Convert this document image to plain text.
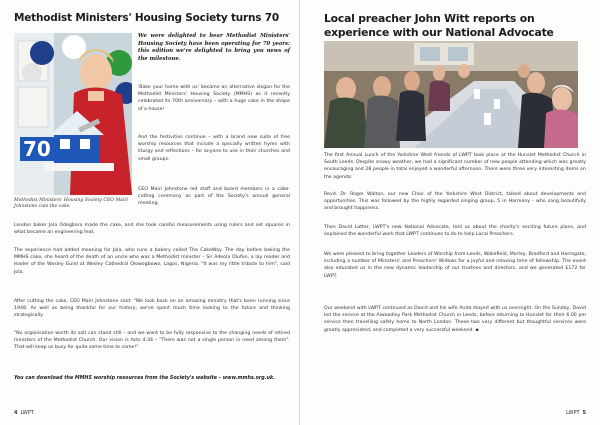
Methodist Ministers' Housing Society turns 70
70
Methodist Ministers' Housing Society CEO Mairi Johnstone cuts the cake
We were delighted to hear Methodist Ministers' Housing Society have been operating for 70 years: this edition we're delighted to bring you news of the milestone.
'Bake your home with us' became an alternative slogan for the Methodist Ministers' Housing Society (MMHS) as it recently celebrated its 70th anniversary – with a huge cake in the shape of a house!
And the festivities continue – with a brand new suite of free worship resources that include a specially written hymn with liturgy and reflections – for anyone to use in their churches and small groups.
CEO Mairi Johnstone led staff and board members in a cake-cutting ceremony as part of the Society's annual general meeting.
London baker Jola Odegbaro made the cake, and she took careful measurements using rulers and set squares in what became an engineering feat.
The experience had added meaning for Jola, who runs a bakery called The CakeWay. The day before baking the MMHS cake, she heard of the death of an uncle who was a Methodist minister – Sir Adeola Olufon, a lay reader and leader of the Wesley Guild at Wesley Cathedral Olowogbowo, Lagos, Nigeria. "It was my little tribute to him", said Jola.
After cutting the cake, CEO Mairi Johnstone said: "We look back on an amazing ministry that's been running since 1948. As well as being thankful for our history, we've spent much time looking to the future and thinking strategically.
"No organisation worth its salt can stand still – and we want to be fully responsive to the changing needs of retired ministers of the Methodist Church. Our vision is Acts 4:34 – "There was not a single person in need among them". That will keep us busy for quite some time to come!"
You can download the MMHS worship resources from the Society's website – www.mmhs.org.uk.
4 LWPT
Local preacher John Witt reports on experience with our National Advocate
The first Annual Lunch of the Yorkshire West friends of LWPT took place at the Hunslet Methodist Church in South Leeds. Despite snowy weather, we had a significant number of new people attending which was greatly encouraging and 28 people in total enjoyed a wonderful afternoon. There were three very interesting items on the agenda:
Revd. Dr. Roger Walton, our new Chair of the Yorkshire West District, talked about developments and opportunities. This was followed by the highly regarded singing group, 5 in Harmony - who sang beautifully and brought happiness.
Then David Latter, LWPT's new National Advocate, told us about the charity's exciting future plans, and explained the wonderful work that LWPT continues to do to help Local Preachers.
We were pleased to bring together Leaders of Worship from Leeds, Wakefield, Morley, Bradford and Harrogate, including a number of Ministers' and Preachers' Widows for a joyful and relaxing time of fellowship. The event also educated us in the new dynamic leadership of our trustees and directors, and we generated £172 for LWPT.
Our weekend with LWPT continued as David and his wife Anita stayed with us overnight. On the Sunday, David led the service at the Alwoodley Park Methodist Church in Leeds, before returning to Hunslet for their 6.00 pm service then travelling safely home to North London. These two very different but thoughtful services were greatly appreciated, and completed a very successful weekend. ▪
LWPT 5
